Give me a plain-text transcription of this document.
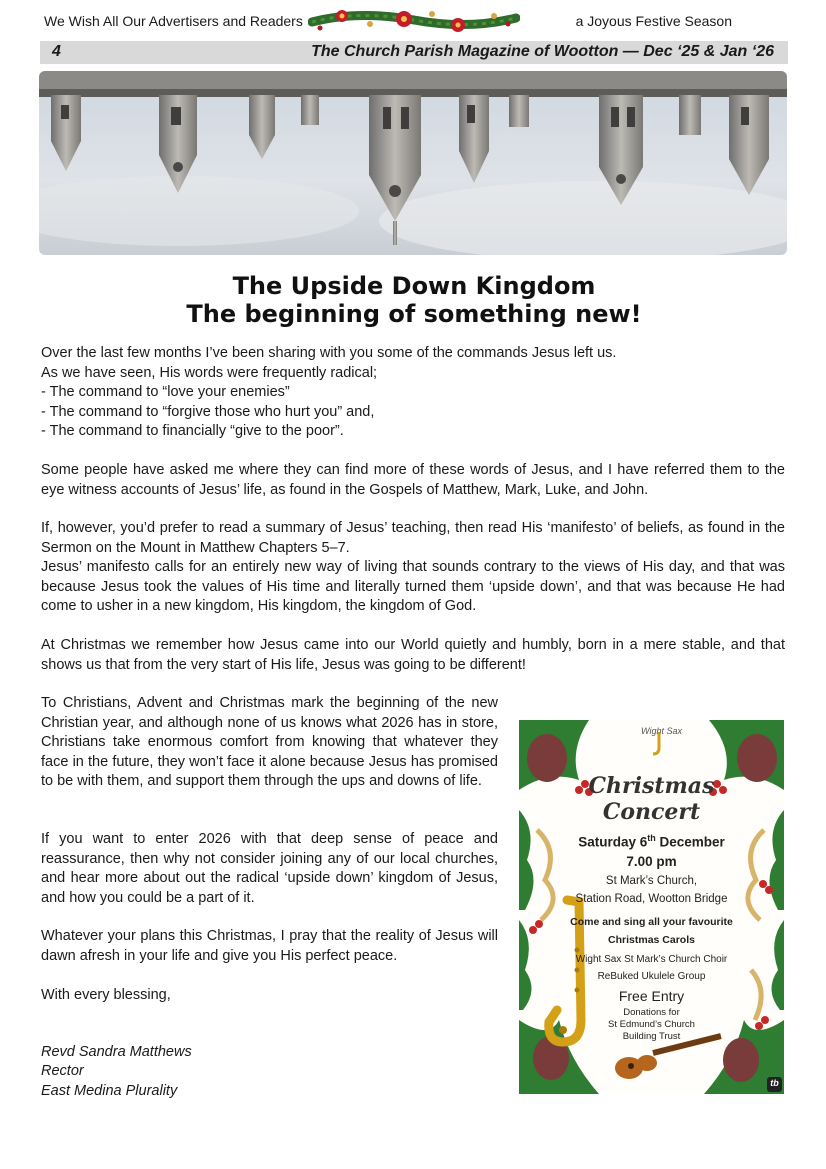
We Wish All Our Advertisers and Readers	a Joyous Festive Season
4	The Church Parish Magazine of Wootton — Dec ‘25 & Jan ‘26
The Upside Down Kingdom
The beginning of something new!
Over the last few months I’ve been sharing with you some of the commands Jesus left us.
As we have seen, His words were frequently radical;
- The command to “love your enemies”
- The command to “forgive those who hurt you” and,
- The command to financially “give to the poor”.

Some people have asked me where they can find more of these words of Jesus, and I have referred them to the eye witness accounts of Jesus’ life, as found in the Gospels of Matthew, Mark, Luke, and John.

If, however, you’d prefer to read a summary of Jesus’ teaching, then read His ‘manifesto’ of beliefs, as found in the Sermon on the Mount in Matthew Chapters 5–7.

Jesus’ manifesto calls for an entirely new way of living that sounds contrary to the views of His day, and that was because Jesus took the values of His time and literally turned them ‘upside down’, and that was because He had come to usher in a new kingdom, His kingdom, the kingdom of God.

At Christmas we remember how Jesus came into our World quietly and humbly, born in a mere stable, and that shows us that from the very start of His life, Jesus was going to be different!

To Christians, Advent and Christmas mark the beginning of the new Christian year, and although none of us knows what 2026 has in store, Christians take enormous comfort from knowing that whatever they face in the future, they won’t face it alone because Jesus has promised to be with them, and support them through the ups and downs of life.

If you want to enter 2026 with that deep sense of peace and reassurance, then why not consider joining any of our local churches, and hear more about out the radical ‘upside down’ kingdom of Jesus, and how you could be a part of it.

Whatever your plans this Christmas, I pray that the reality of Jesus will dawn afresh in your life and give you His perfect peace.

With every blessing,

Revd Sandra Matthews
Rector
East Medina Plurality
Wight Sax
Christmas
Concert
Saturday 6th December
7.00 pm
St Mark’s Church,
Station Road, Wootton Bridge
Come and sing all your favourite
Christmas Carols
Wight Sax St Mark’s Church Choir
ReBuked Ukulele Group
Free Entry
Donations for
St Edmund’s Church
Building Trust
tb
